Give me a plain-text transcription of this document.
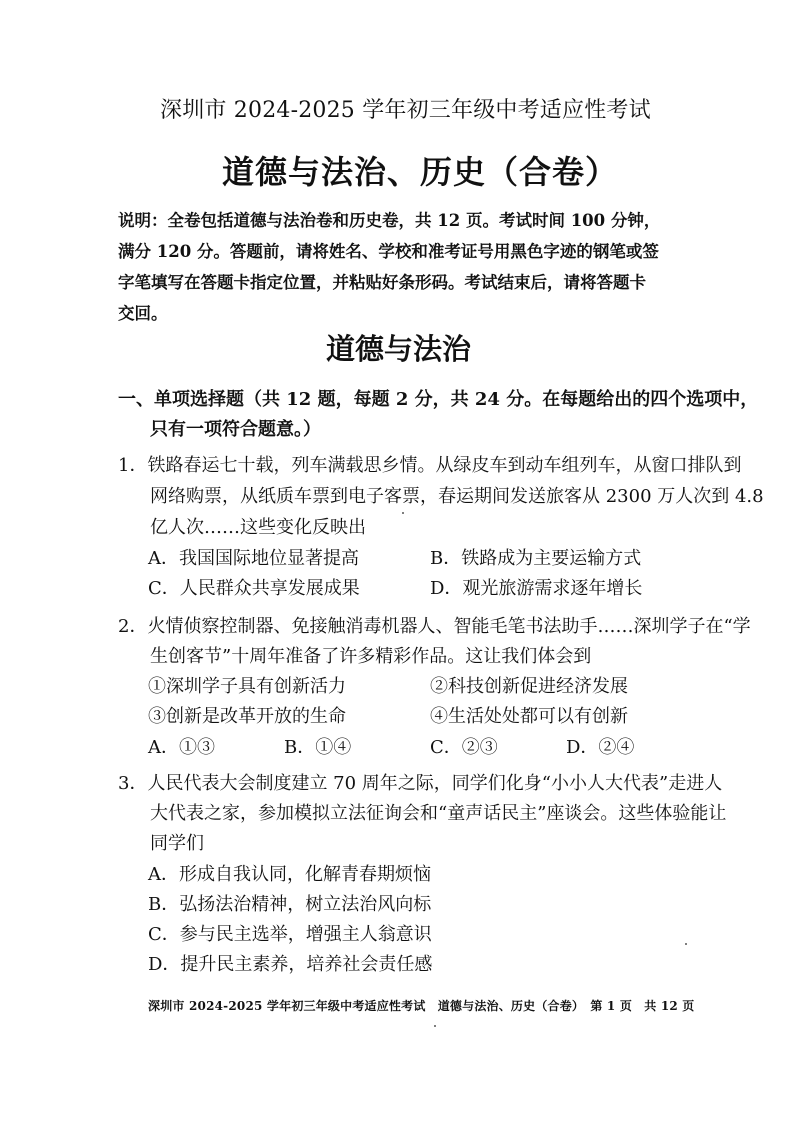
深圳市 2024-2025 学年初三年级中考适应性考试
道德与法治、历史（合卷）
说明：全卷包括道德与法治卷和历史卷，共 12 页。考试时间 100 分钟，
满分 120 分。答题前，请将姓名、学校和准考证号用黑色字迹的钢笔或签
字笔填写在答题卡指定位置，并粘贴好条形码。考试结束后，请将答题卡
交回。
道德与法治
一、单项选择题（共 12 题，每题 2 分，共 24 分。在每题给出的四个选项中，
只有一项符合题意。）
1．铁路春运七十载，列车满载思乡情。从绿皮车到动车组列车，从窗口排队到
网络购票，从纸质车票到电子客票，春运期间发送旅客从 2300 万人次到 4.8
亿人次……这些变化反映出
A．我国国际地位显著提高	B．铁路成为主要运输方式
C．人民群众共享发展成果	D．观光旅游需求逐年增长
2．火情侦察控制器、免接触消毒机器人、智能毛笔书法助手……深圳学子在“学
生创客节”十周年准备了许多精彩作品。这让我们体会到
①深圳学子具有创新活力	②科技创新促进经济发展
③创新是改革开放的生命	④生活处处都可以有创新
A．①③	B．①④	C．②③	D．②④
3．人民代表大会制度建立 70 周年之际，同学们化身“小小人大代表”走进人
大代表之家，参加模拟立法征询会和“童声话民主”座谈会。这些体验能让
同学们
A．形成自我认同，化解青春期烦恼
B．弘扬法治精神，树立法治风向标
C．参与民主选举，增强主人翁意识
D．提升民主素养，培养社会责任感
深圳市 2024-2025 学年初三年级中考适应性考试　道德与法治、历史（合卷）　第 1 页　共 12 页
